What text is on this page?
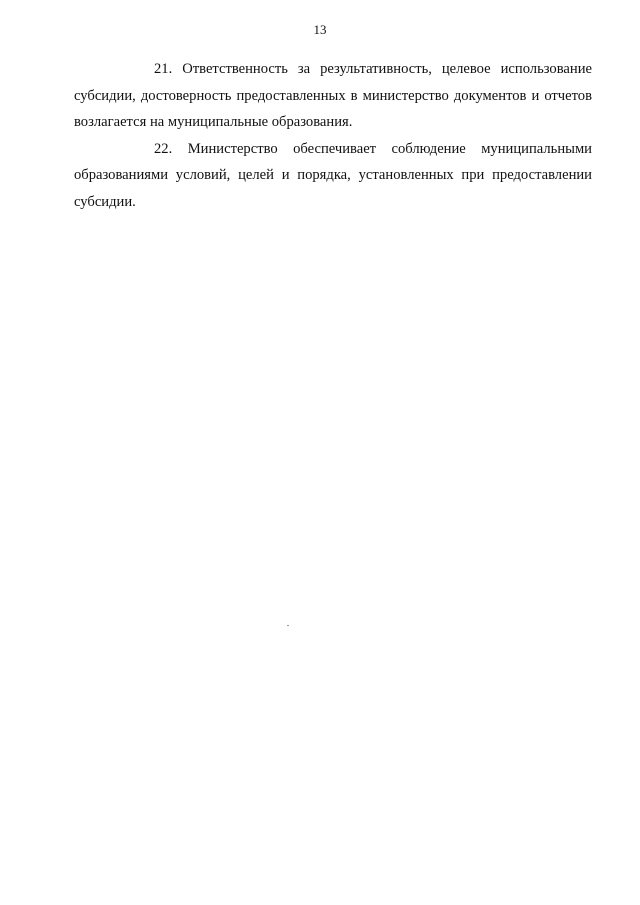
13

21. Ответственность за результативность, целевое использование субсидии, достоверность предоставленных в министерство документов и отчетов возлагается на муниципальные образования.

22. Министерство обеспечивает соблюдение муниципальными образованиями условий, целей и порядка, установленных при предоставлении субсидии.
